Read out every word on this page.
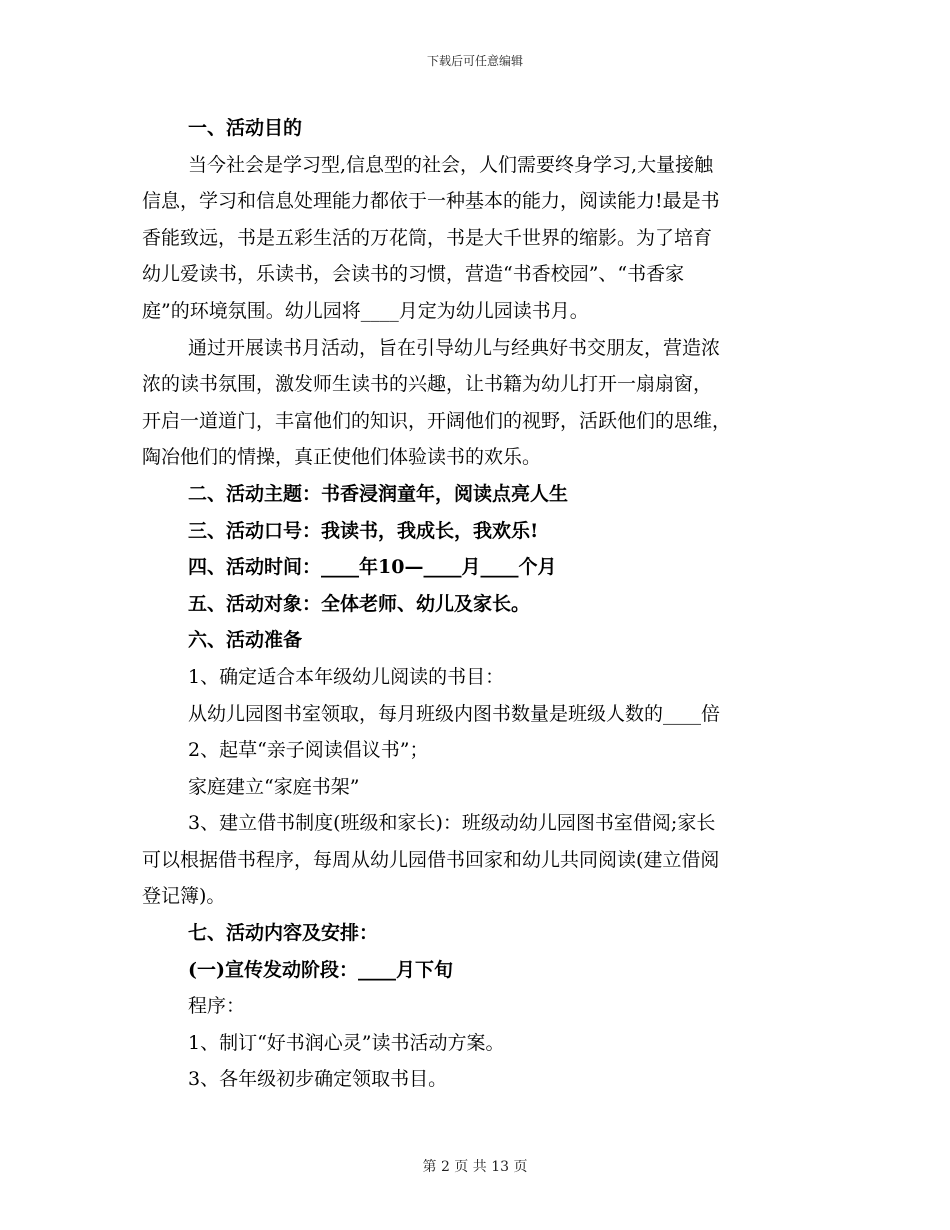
下载后可任意编辑
一、活动目的
当今社会是学习型,信息型的社会，人们需要终身学习,大量接触
信息，学习和信息处理能力都依于一种基本的能力，阅读能力!最是书
香能致远，书是五彩生活的万花筒，书是大千世界的缩影。为了培育
幼儿爱读书，乐读书，会读书的习惯，营造“书香校园”、“书香家
庭”的环境氛围。幼儿园将____月定为幼儿园读书月。
通过开展读书月活动，旨在引导幼儿与经典好书交朋友，营造浓
浓的读书氛围，激发师生读书的兴趣，让书籍为幼儿打开一扇扇窗，
开启一道道门，丰富他们的知识，开阔他们的视野，活跃他们的思维，
陶冶他们的情操，真正使他们体验读书的欢乐。
二、活动主题：书香浸润童年，阅读点亮人生
三、活动口号：我读书，我成长，我欢乐!
四、活动时间：____年10—____月____个月
五、活动对象：全体老师、幼儿及家长。
六、活动准备
1、确定适合本年级幼儿阅读的书目：
从幼儿园图书室领取，每月班级内图书数量是班级人数的____倍
2、起草“亲子阅读倡议书”；
家庭建立“家庭书架”
3、建立借书制度(班级和家长)：班级动幼儿园图书室借阅;家长
可以根据借书程序，每周从幼儿园借书回家和幼儿共同阅读(建立借阅
登记簿)。
七、活动内容及安排：
(一)宣传发动阶段：____月下旬
程序：
1、制订“好书润心灵”读书活动方案。
3、各年级初步确定领取书目。
第 2 页 共 13 页
